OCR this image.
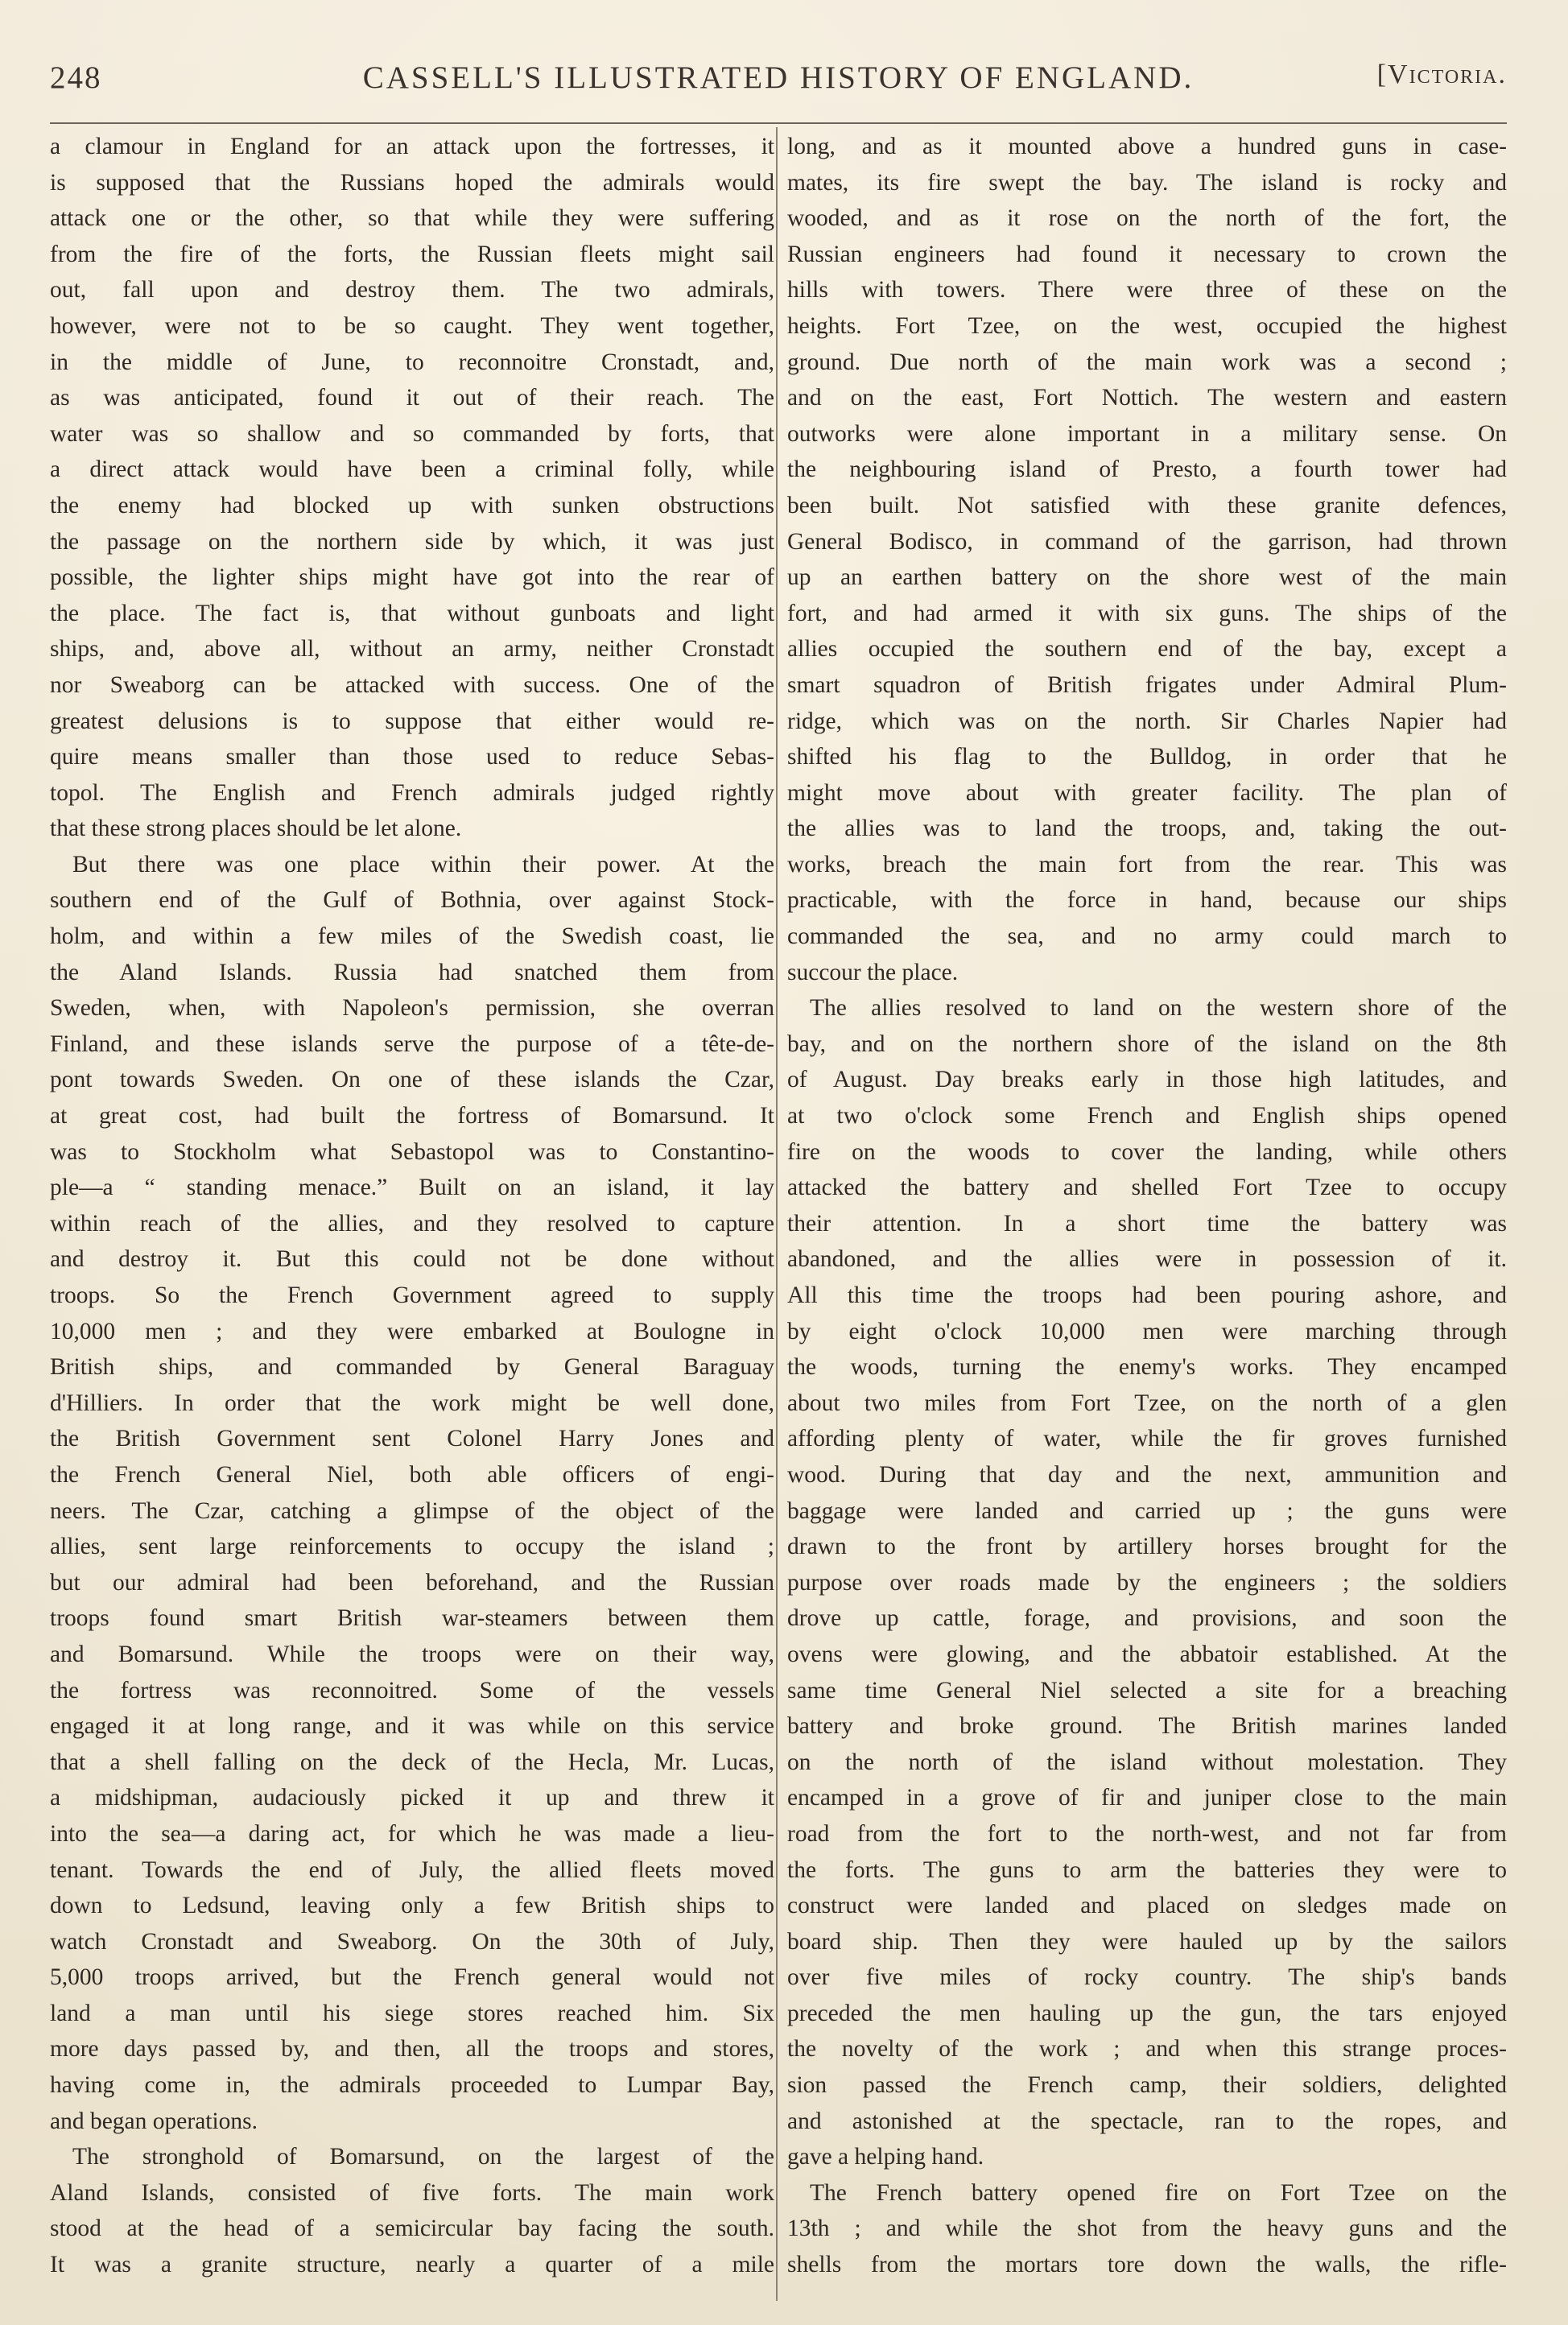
248	CASSELL'S ILLUSTRATED HISTORY OF ENGLAND.	[Victoria.
a clamour in England for an attack upon the fortresses, it
is supposed that the Russians hoped the admirals would
attack one or the other, so that while they were suffering
from the fire of the forts, the Russian fleets might sail
out, fall upon and destroy them. The two admirals,
however, were not to be so caught. They went together,
in the middle of June, to reconnoitre Cronstadt, and,
as was anticipated, found it out of their reach. The
water was so shallow and so commanded by forts, that
a direct attack would have been a criminal folly, while
the enemy had blocked up with sunken obstructions
the passage on the northern side by which, it was just
possible, the lighter ships might have got into the rear of
the place. The fact is, that without gunboats and light
ships, and, above all, without an army, neither Cronstadt
nor Sweaborg can be attacked with success. One of the
greatest delusions is to suppose that either would re-
quire means smaller than those used to reduce Sebas-
topol. The English and French admirals judged rightly
that these strong places should be let alone.
But there was one place within their power. At the
southern end of the Gulf of Bothnia, over against Stock-
holm, and within a few miles of the Swedish coast, lie
the Aland Islands. Russia had snatched them from
Sweden, when, with Napoleon's permission, she overran
Finland, and these islands serve the purpose of a tête-de-
pont towards Sweden. On one of these islands the Czar,
at great cost, had built the fortress of Bomarsund. It
was to Stockholm what Sebastopol was to Constantino-
ple—a “ standing menace.” Built on an island, it lay
within reach of the allies, and they resolved to capture
and destroy it. But this could not be done without
troops. So the French Government agreed to supply
10,000 men ; and they were embarked at Boulogne in
British ships, and commanded by General Baraguay
d'Hilliers. In order that the work might be well done,
the British Government sent Colonel Harry Jones and
the French General Niel, both able officers of engi-
neers. The Czar, catching a glimpse of the object of the
allies, sent large reinforcements to occupy the island ;
but our admiral had been beforehand, and the Russian
troops found smart British war-steamers between them
and Bomarsund. While the troops were on their way,
the fortress was reconnoitred. Some of the vessels
engaged it at long range, and it was while on this service
that a shell falling on the deck of the Hecla, Mr. Lucas,
a midshipman, audaciously picked it up and threw it
into the sea—a daring act, for which he was made a lieu-
tenant. Towards the end of July, the allied fleets moved
down to Ledsund, leaving only a few British ships to
watch Cronstadt and Sweaborg. On the 30th of July,
5,000 troops arrived, but the French general would not
land a man until his siege stores reached him. Six
more days passed by, and then, all the troops and stores,
having come in, the admirals proceeded to Lumpar Bay,
and began operations.
The stronghold of Bomarsund, on the largest of the
Aland Islands, consisted of five forts. The main work
stood at the head of a semicircular bay facing the south.
It was a granite structure, nearly a quarter of a mile
long, and as it mounted above a hundred guns in case-
mates, its fire swept the bay. The island is rocky and
wooded, and as it rose on the north of the fort, the
Russian engineers had found it necessary to crown the
hills with towers. There were three of these on the
heights. Fort Tzee, on the west, occupied the highest
ground. Due north of the main work was a second ;
and on the east, Fort Nottich. The western and eastern
outworks were alone important in a military sense. On
the neighbouring island of Presto, a fourth tower had
been built. Not satisfied with these granite defences,
General Bodisco, in command of the garrison, had thrown
up an earthen battery on the shore west of the main
fort, and had armed it with six guns. The ships of the
allies occupied the southern end of the bay, except a
smart squadron of British frigates under Admiral Plum-
ridge, which was on the north. Sir Charles Napier had
shifted his flag to the Bulldog, in order that he
might move about with greater facility. The plan of
the allies was to land the troops, and, taking the out-
works, breach the main fort from the rear. This was
practicable, with the force in hand, because our ships
commanded the sea, and no army could march to
succour the place.
The allies resolved to land on the western shore of the
bay, and on the northern shore of the island on the 8th
of August. Day breaks early in those high latitudes, and
at two o'clock some French and English ships opened
fire on the woods to cover the landing, while others
attacked the battery and shelled Fort Tzee to occupy
their attention. In a short time the battery was
abandoned, and the allies were in possession of it.
All this time the troops had been pouring ashore, and
by eight o'clock 10,000 men were marching through
the woods, turning the enemy's works. They encamped
about two miles from Fort Tzee, on the north of a glen
affording plenty of water, while the fir groves furnished
wood. During that day and the next, ammunition and
baggage were landed and carried up ; the guns were
drawn to the front by artillery horses brought for the
purpose over roads made by the engineers ; the soldiers
drove up cattle, forage, and provisions, and soon the
ovens were glowing, and the abbatoir established. At the
same time General Niel selected a site for a breaching
battery and broke ground. The British marines landed
on the north of the island without molestation. They
encamped in a grove of fir and juniper close to the main
road from the fort to the north-west, and not far from
the forts. The guns to arm the batteries they were to
construct were landed and placed on sledges made on
board ship. Then they were hauled up by the sailors
over five miles of rocky country. The ship's bands
preceded the men hauling up the gun, the tars enjoyed
the novelty of the work ; and when this strange proces-
sion passed the French camp, their soldiers, delighted
and astonished at the spectacle, ran to the ropes, and
gave a helping hand.
The French battery opened fire on Fort Tzee on the
13th ; and while the shot from the heavy guns and the
shells from the mortars tore down the walls, the rifle-
